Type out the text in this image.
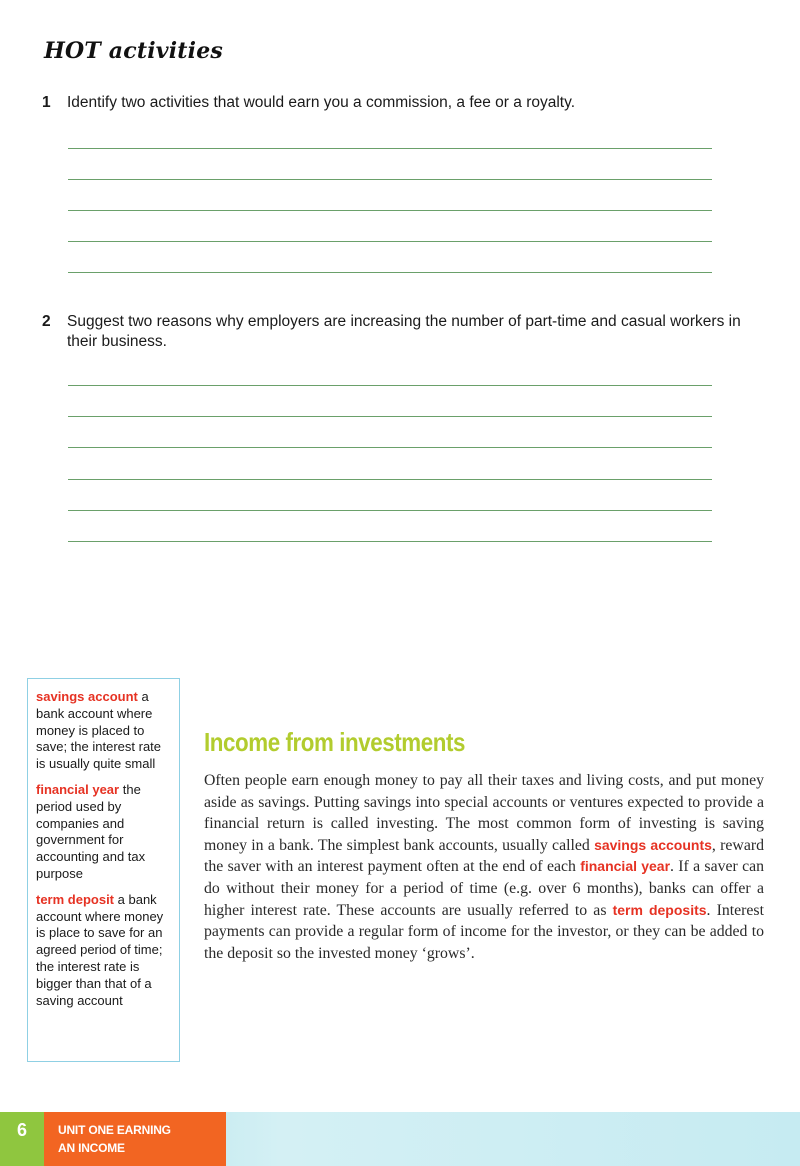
HOT activities
1 Identify two activities that would earn you a commission, a fee or a royalty.
2 Suggest two reasons why employers are increasing the number of part-time and casual workers in their business.
savings account a bank account where money is placed to save; the interest rate is usually quite small
financial year the period used by companies and government for accounting and tax purpose
term deposit a bank account where money is place to save for an agreed period of time; the interest rate is bigger than that of a saving account
Income from investments
Often people earn enough money to pay all their taxes and living costs, and put money aside as savings. Putting savings into special accounts or ventures expected to provide a financial return is called investing. The most common form of investing is saving money in a bank. The simplest bank accounts, usually called savings accounts, reward the saver with an interest payment often at the end of each financial year. If a saver can do without their money for a period of time (e.g. over 6 months), banks can offer a higher interest rate. These accounts are usually referred to as term deposits. Interest payments can provide a regular form of income for the investor, or they can be added to the deposit so the invested money ‘grows’.
6	UNIT ONE EARNING AN INCOME
